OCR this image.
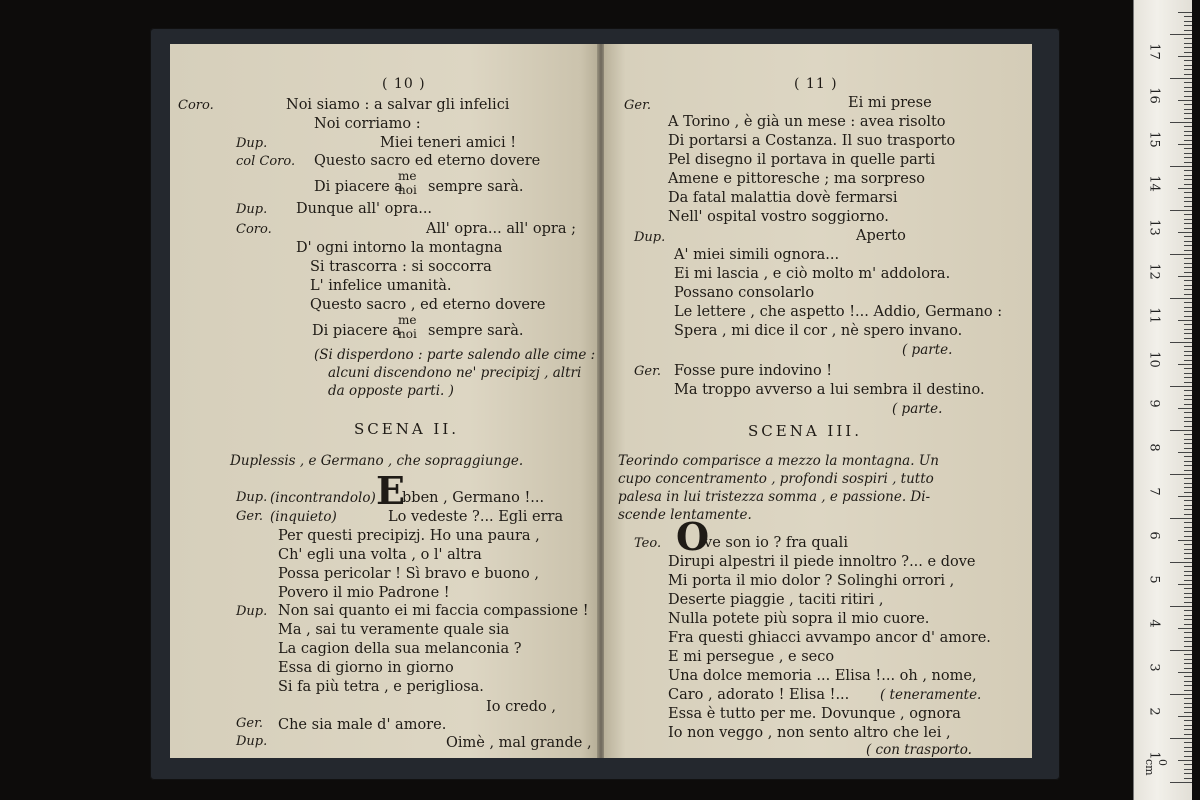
( 10 )
Coro.	Noi siamo : a salvar gli infelici
Noi corriamo :
Dup.	Miei teneri amici !
col Coro. Questo sacro ed eterno dovere
Di piacere a
me
noi sempre sarà.
Dup. Dunque all' opra...
Coro.	All' opra... all' opra ;
D' ogni intorno la montagna
Si trascorra : si soccorra
L' infelice umanità.
Questo sacro , ed eterno dovere
Di piacere a
me
noi sempre sarà.
(Si disperdono : parte salendo alle cime :
alcuni discendono ne' precipizj , altri
da opposte parti. )
SCENA II.
Duplessis , e Germano , che sopraggiunge.
Dup. (incontrandolo) E
bben , Germano !...
Ger. (inquieto)	Lo vedeste ?... Egli erra
Per questi precipizj. Ho una paura ,
Ch' egli una volta , o l' altra
Possa pericolar ! Sì bravo e buono ,
Povero il mio Padrone !
Dup. Non sai quanto ei mi faccia compassione !
Ma , sai tu veramente quale sia
La cagion della sua melanconia ?
Essa di giorno in giorno
Si fa più tetra , e perigliosa.
Io credo ,
Ger. Che sia male d' amore.
Dup.	Oimè , mal grande ,
( 11 )
Ger.	Ei mi prese
A Torino , è già un mese : avea risolto
Di portarsi a Costanza. Il suo trasporto
Pel disegno il portava in quelle parti
Amene e pittoresche ; ma sorpreso
Da fatal malattia dovè fermarsi
Nell' ospital vostro soggiorno.
Dup.	Aperto
A' miei simili ognora...
Ei mi lascia , e ciò molto m' addolora.
Possano consolarlo
Le lettere , che aspetto !... Addio, Germano :
Spera , mi dice il cor , nè spero invano.
( parte.
Ger. Fosse pure indovino !
Ma troppo avverso a lui sembra il destino.
( parte.
SCENA III.
Teorindo comparisce a mezzo la montagna. Un
cupo concentramento , profondi sospiri , tutto
palesa in lui tristezza somma , e passione. Di-
scende lentamente.
Teo. O
ve son io ? fra quali
Dirupi alpestri il piede innoltro ?... e dove
Mi porta il mio dolor ? Solinghi orrori ,
Deserte piaggie , taciti ritiri ,
Nulla potete più sopra il mio cuore.
Fra questi ghiacci avvampo ancor d' amore.
E mi persegue , e seco
Una dolce memoria ... Elisa !... oh , nome,
Caro , adorato ! Elisa !... ( teneramente.
Essa è tutto per me. Dovunque , ognora
Io non veggo , non sento altro che lei ,
( con trasporto.
0 cm
17
16
15
14
13
12
11
10
9
8
7
6
5
4
3
2
1
